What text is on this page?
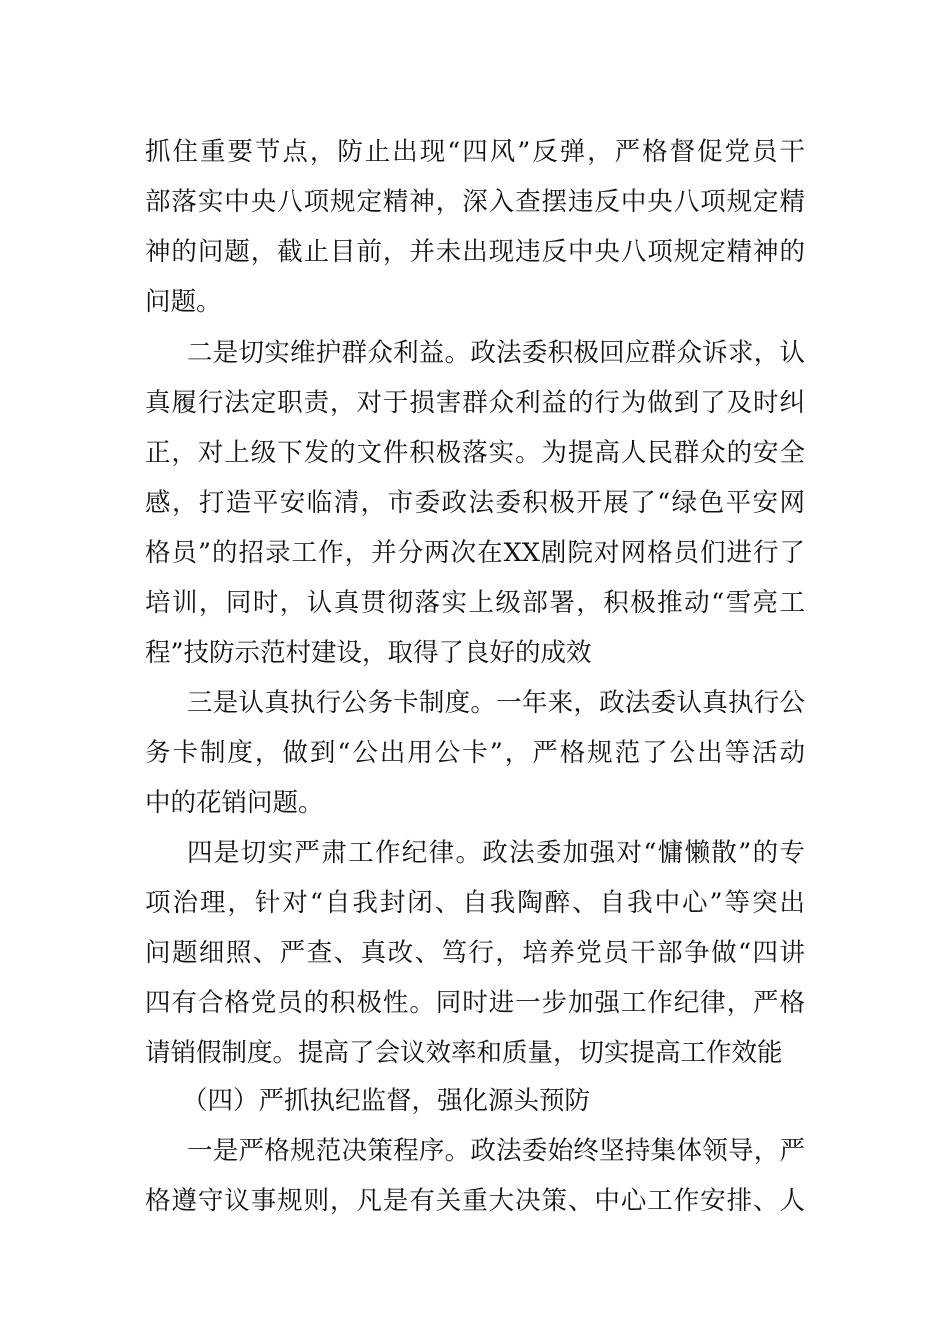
抓住重要节点，防止出现“四风”反弹，严格督促党员干
部落实中央八项规定精神，深入查摆违反中央八项规定精
神的问题，截止目前，并未出现违反中央八项规定精神的
问题。
二是切实维护群众利益。政法委积极回应群众诉求，认
真履行法定职责，对于损害群众利益的行为做到了及时纠
正，对上级下发的文件积极落实。为提高人民群众的安全
感，打造平安临清，市委政法委积极开展了“绿色平安网
格员”的招录工作，并分两次在XX剧院对网格员们进行了
培训，同时，认真贯彻落实上级部署，积极推动“雪亮工
程”技防示范村建设，取得了良好的成效
三是认真执行公务卡制度。一年来，政法委认真执行公
务卡制度，做到“公出用公卡”，严格规范了公出等活动
中的花销问题。
四是切实严肃工作纪律。政法委加强对“慵懒散”的专
项治理，针对“自我封闭、自我陶醉、自我中心”等突出
问题细照、严查、真改、笃行，培养党员干部争做“四讲
四有合格党员的积极性。同时进一步加强工作纪律，严格
请销假制度。提高了会议效率和质量，切实提高工作效能
（四）严抓执纪监督，强化源头预防
一是严格规范决策程序。政法委始终坚持集体领导，严
格遵守议事规则，凡是有关重大决策、中心工作安排、人
